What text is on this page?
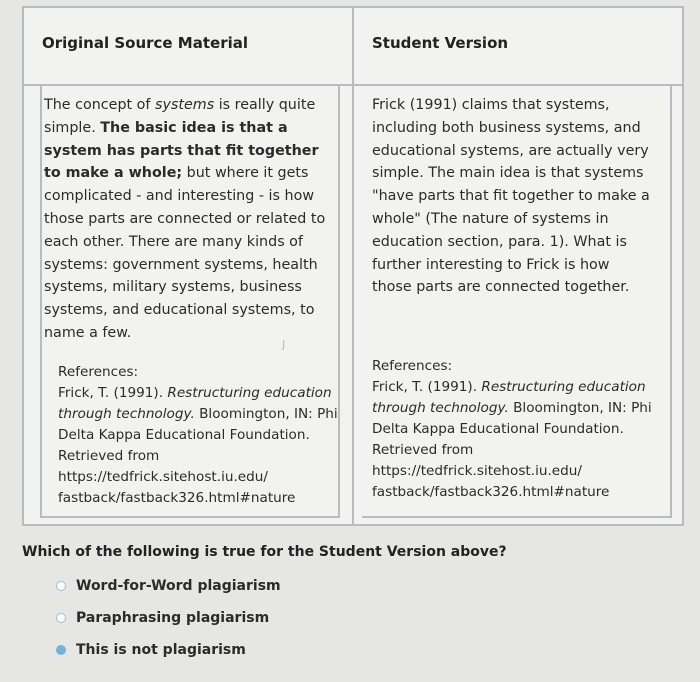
Original Source Material
The concept of systems is really quite simple. The basic idea is that a system has parts that fit together to make a whole; but where it gets complicated - and interesting - is how those parts are connected or related to each other. There are many kinds of systems: government systems, health systems, military systems, business systems, and educational systems, to name a few.
J
References:
Frick, T. (1991). Restructuring education through technology. Bloomington, IN: Phi Delta Kappa Educational Foundation. Retrieved from https://tedfrick.sitehost.iu.edu/ fastback/fastback326.html#nature
Student Version
Frick (1991) claims that systems, including both business systems, and educational systems, are actually very simple. The main idea is that systems "have parts that fit together to make a whole" (The nature of systems in education section, para. 1). What is further interesting to Frick is how those parts are connected together.
References:
Frick, T. (1991). Restructuring education through technology. Bloomington, IN: Phi Delta Kappa Educational Foundation. Retrieved from https://tedfrick.sitehost.iu.edu/ fastback/fastback326.html#nature
Which of the following is true for the Student Version above?
Word-for-Word plagiarism
Paraphrasing plagiarism
This is not plagiarism
